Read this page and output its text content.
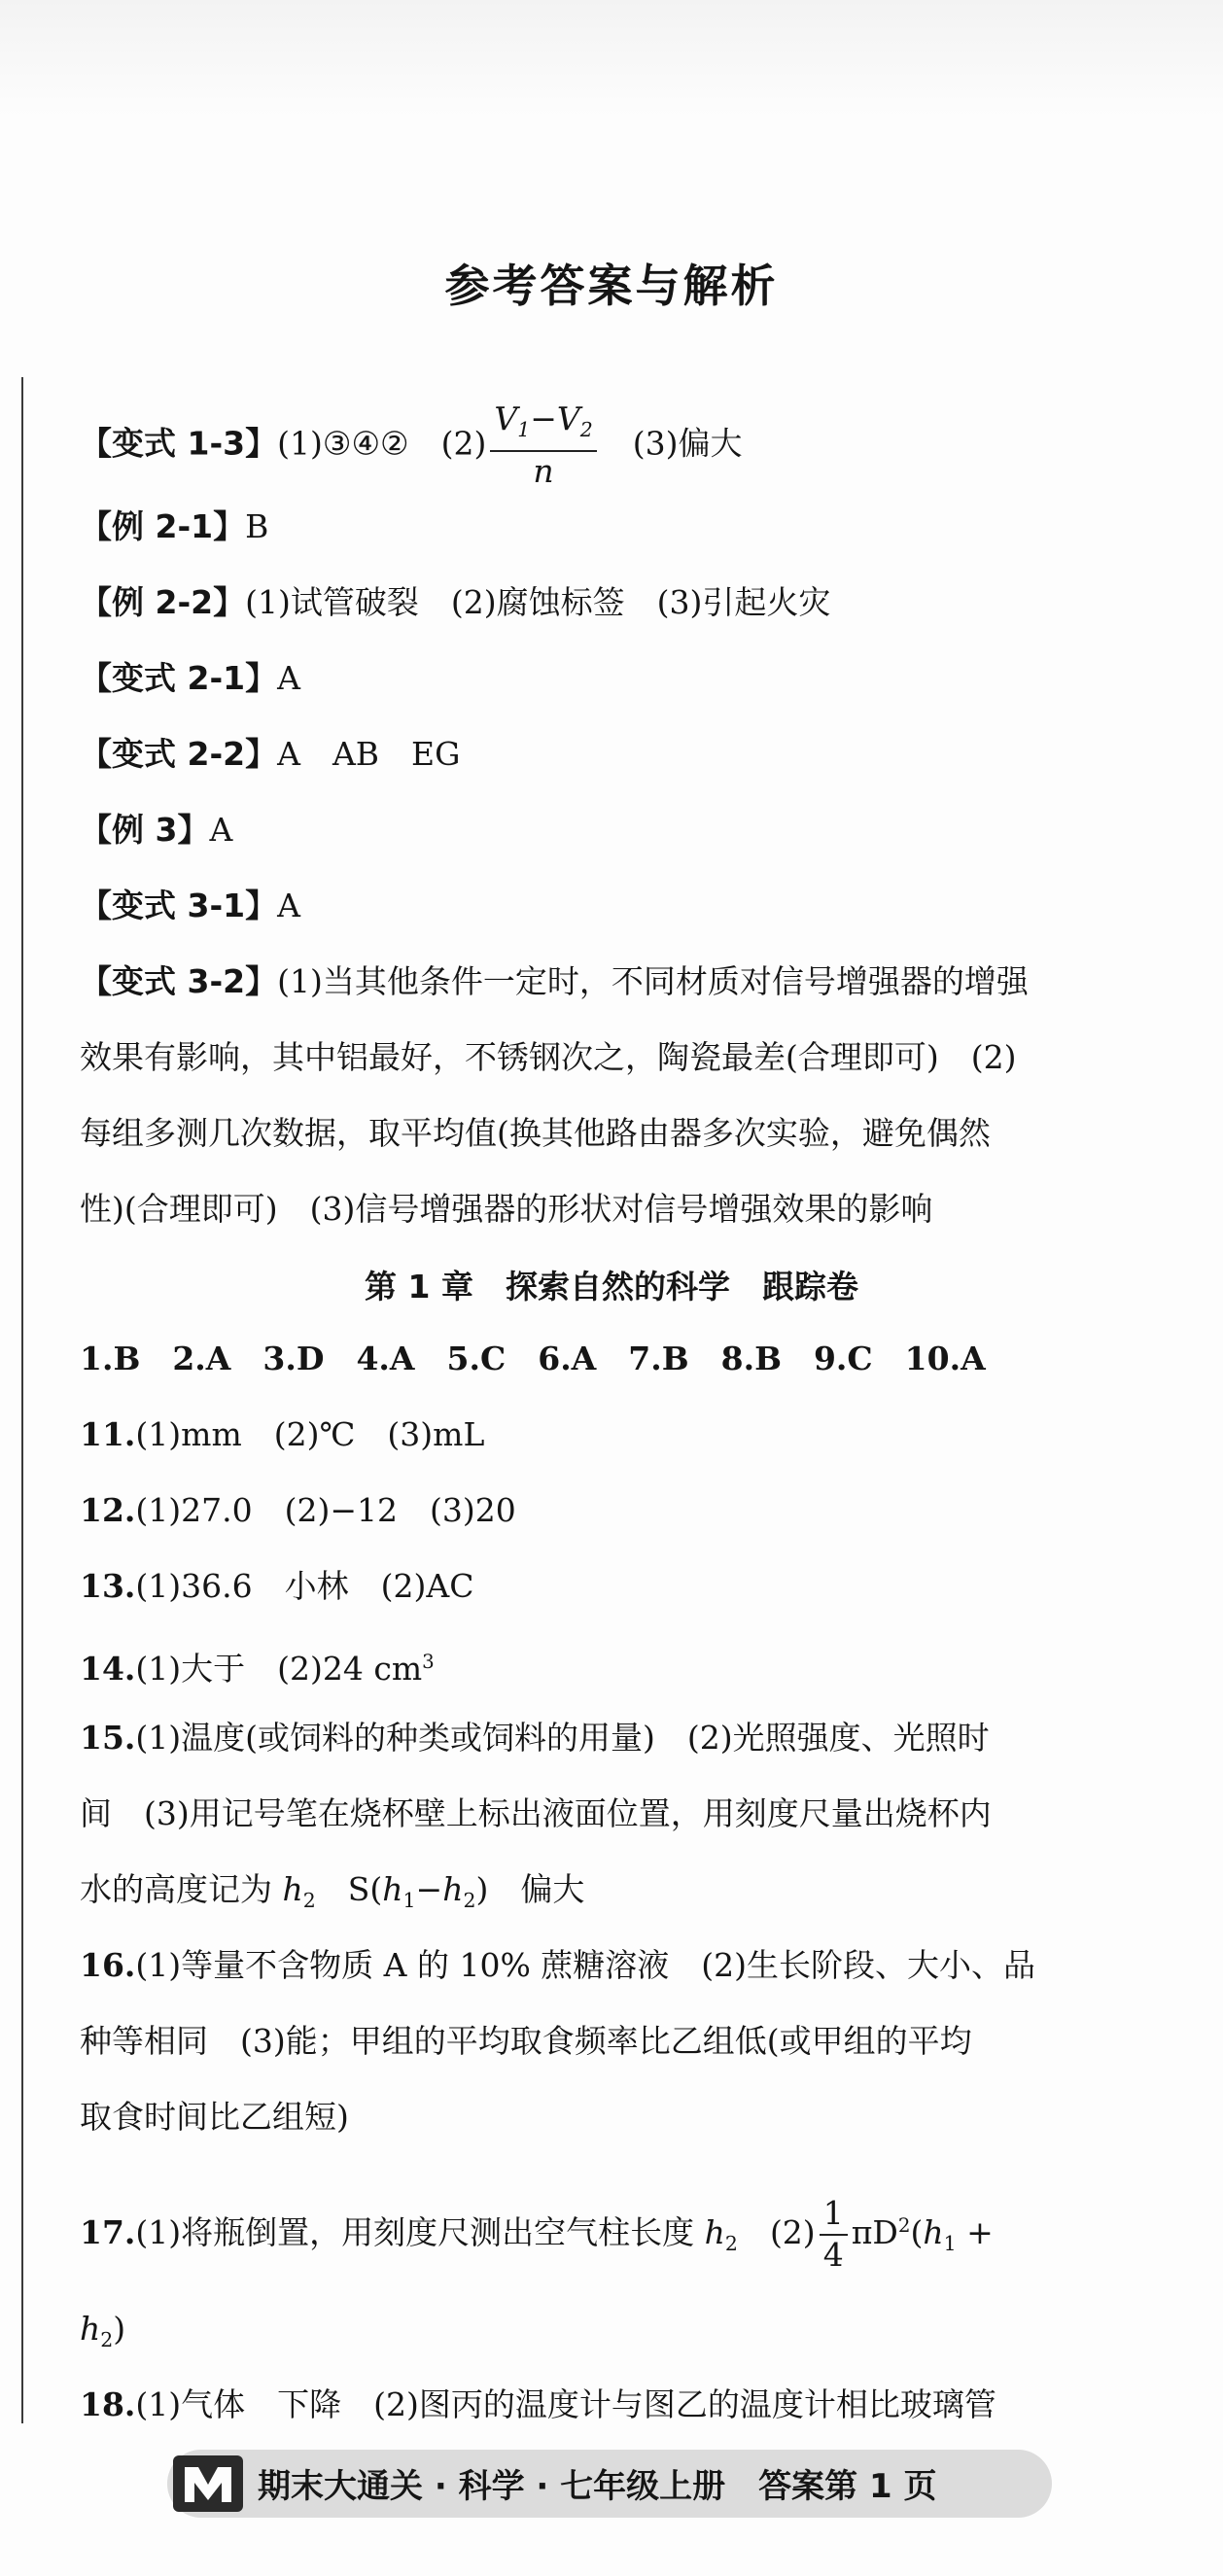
参考答案与解析
【变式 1-3】(1)③④②　$(2) \frac{V_1-V_2}{n}$ 　(3)偏大
【例 2-1】B
【例 2-2】(1)试管破裂　(2)腐蚀标签　(3)引起火灾
【变式 2-1】A
【变式 2-2】A　AB　EG
【例 3】A
【变式 3-1】A
【变式 3-2】(1)当其他条件一定时，不同材质对信号增强器的增强
效果有影响，其中铝最好，不锈钢次之，陶瓷最差(合理即可)　(2)
每组多测几次数据，取平均值(换其他路由器多次实验，避免偶然
性)(合理即可)　(3)信号增强器的形状对信号增强效果的影响
第 1 章　探索自然的科学　跟踪卷
1.B　2.A　3.D　4.A　5.C　6.A　7.B　8.B　9.C　10.A
11.(1)mm　(2)℃　(3)mL
12.(1)27.0　(2)−12　(3)20
13.(1)36.6　小林　(2)AC
14.(1)大于　(2)24 $cm^3$
15.(1)温度(或饲料的种类或饲料的用量)　(2)光照强度、光照时
间　(3)用记号笔在烧杯壁上标出液面位置，用刻度尺量出烧杯内
水的高度记为 $h_2$　$S(h_1-h_2)$　偏大
16.(1)等量不含物质 A 的 10% 蔗糖溶液　(2)生长阶段、大小、品
种等相同　(3)能；甲组的平均取食频率比乙组低(或甲组的平均
取食时间比乙组短)
17.(1)将瓶倒置，用刻度尺测出空气柱长度 $h_2$　$(2) \frac{1}{4} \pi D^2(h_1$ +
$h_2$)
18.(1)气体　下降　(2)图丙的温度计与图乙的温度计相比玻璃管
期末大通关 · 科学 · 七年级上册　答案第 1 页
